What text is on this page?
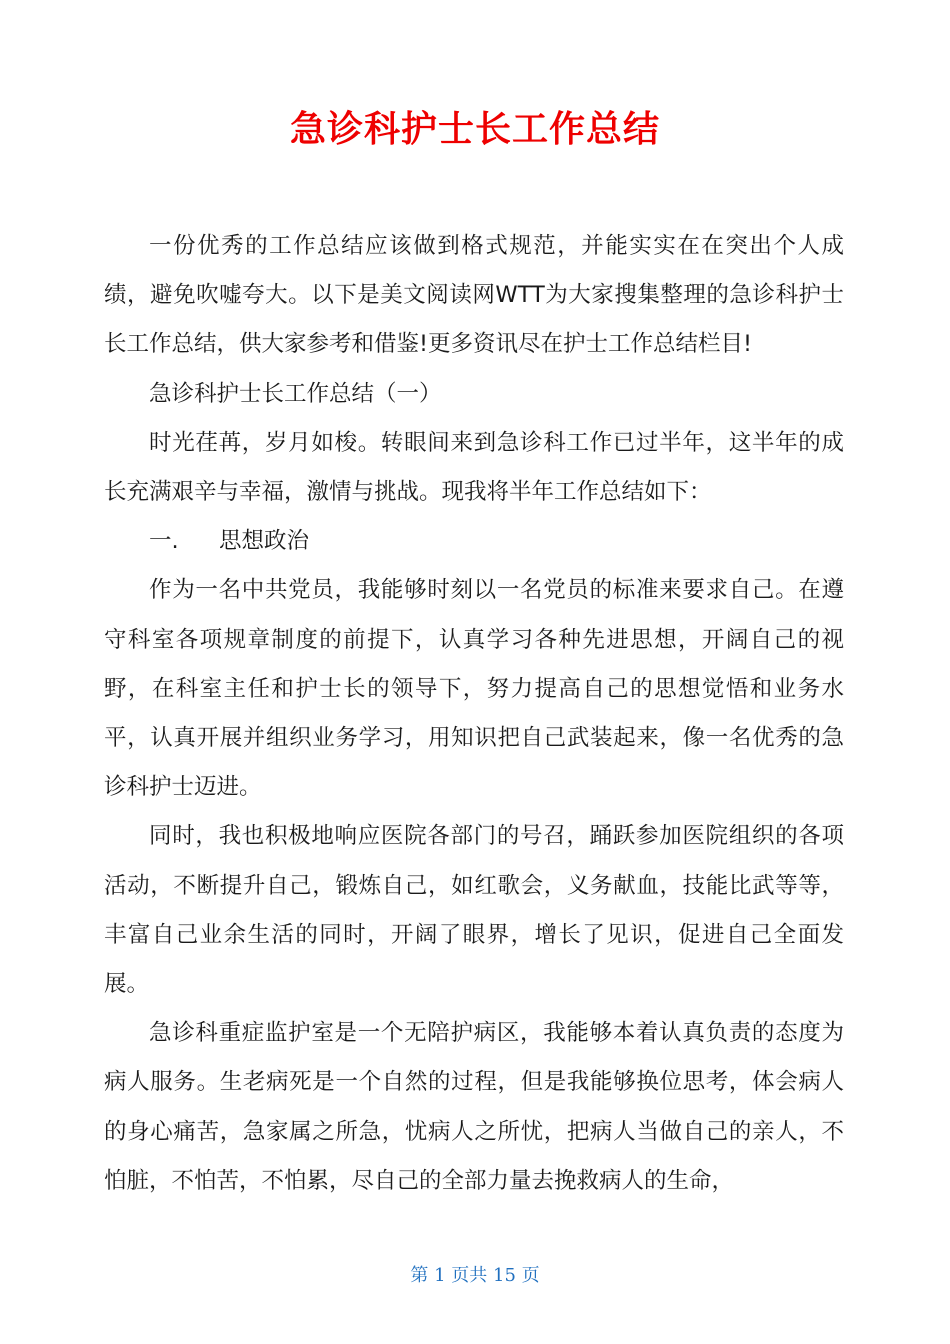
急诊科护士长工作总结

一份优秀的工作总结应该做到格式规范，并能实实在在突出个人成绩，避免吹嘘夸大。以下是美文阅读网WTT为大家搜集整理的急诊科护士长工作总结，供大家参考和借鉴!更多资讯尽在护士工作总结栏目!

急诊科护士长工作总结（一）

时光荏苒，岁月如梭。转眼间来到急诊科工作已过半年，这半年的成长充满艰辛与幸福，激情与挑战。现我将半年工作总结如下：

一. 思想政治

作为一名中共党员，我能够时刻以一名党员的标准来要求自己。在遵守科室各项规章制度的前提下，认真学习各种先进思想，开阔自己的视野，在科室主任和护士长的领导下，努力提高自己的思想觉悟和业务水平，认真开展并组织业务学习，用知识把自己武装起来，像一名优秀的急诊科护士迈进。

同时，我也积极地响应医院各部门的号召，踊跃参加医院组织的各项活动，不断提升自己，锻炼自己，如红歌会，义务献血，技能比武等等，丰富自己业余生活的同时，开阔了眼界，增长了见识，促进自己全面发展。

急诊科重症监护室是一个无陪护病区，我能够本着认真负责的态度为病人服务。生老病死是一个自然的过程，但是我能够换位思考，体会病人的身心痛苦，急家属之所急，忧病人之所忧，把病人当做自己的亲人，不怕脏，不怕苦，不怕累，尽自己的全部力量去挽救病人的生命，

第 1 页共 15 页
